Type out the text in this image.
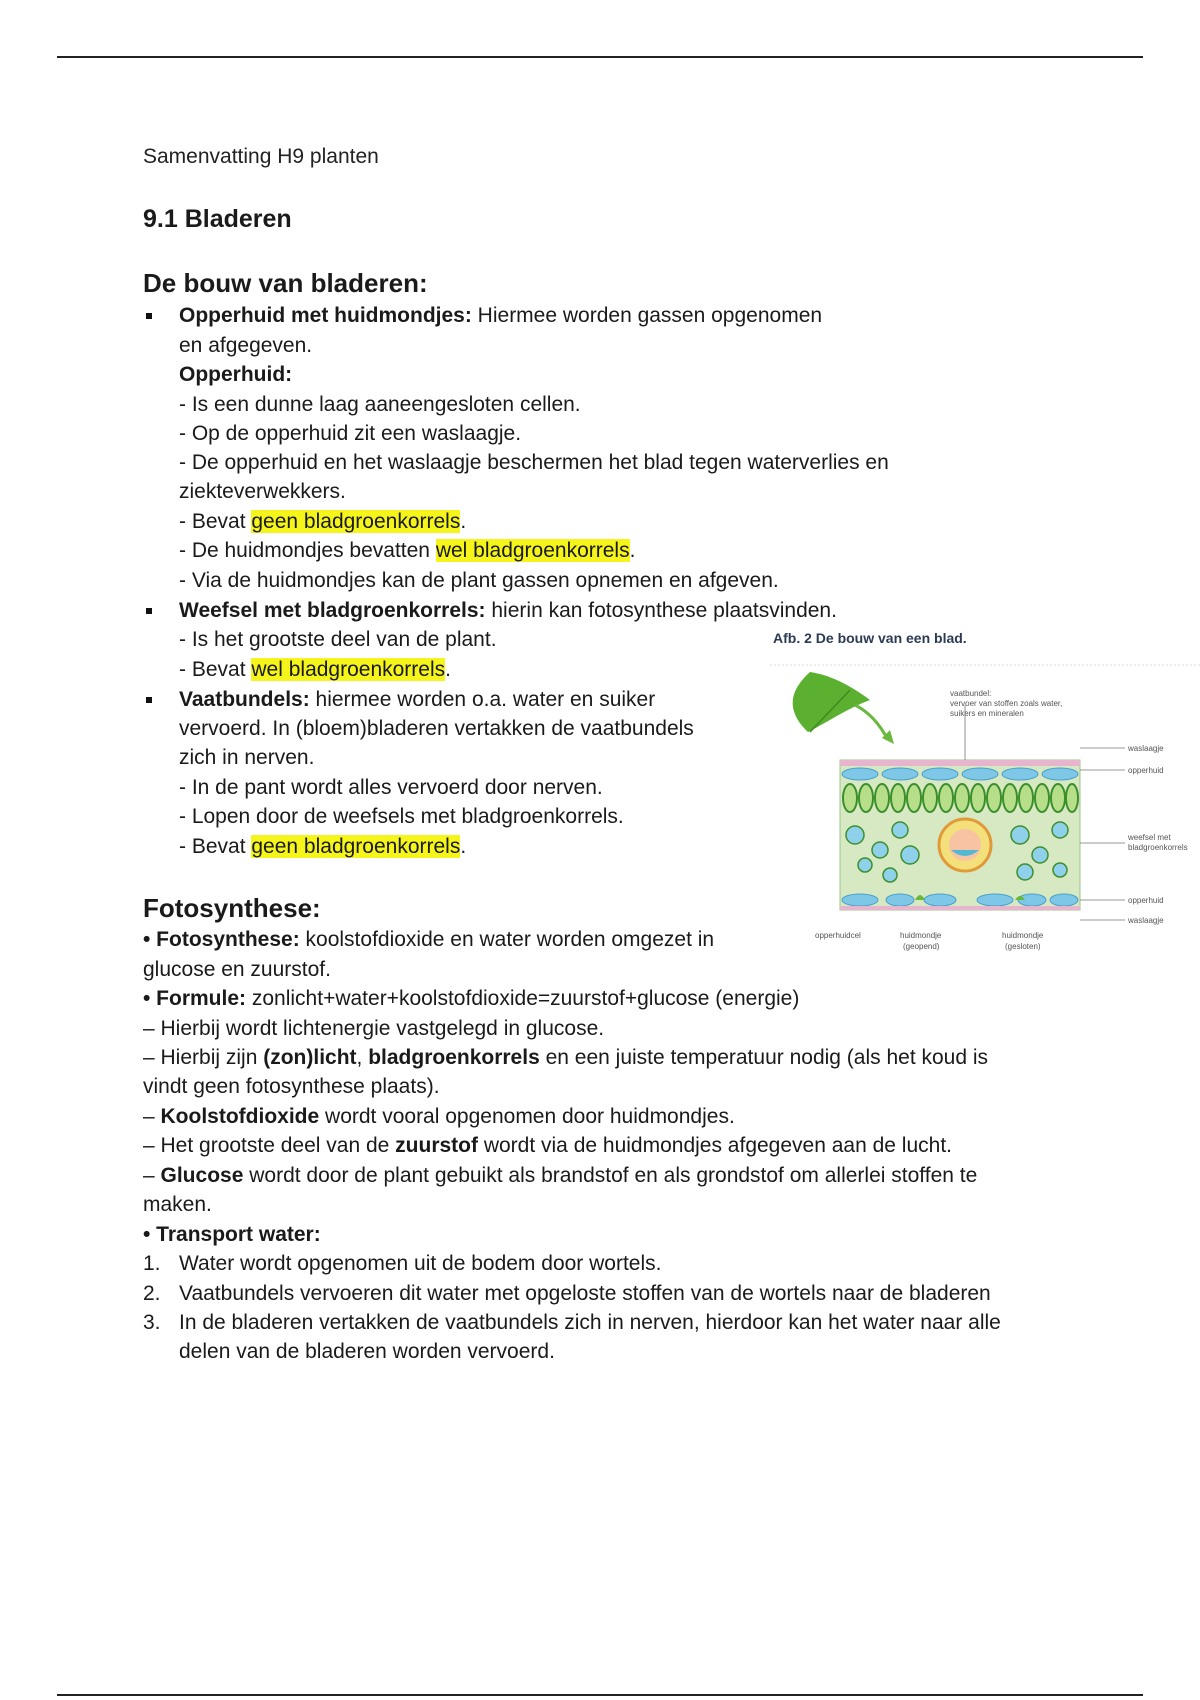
Samenvatting H9 planten
9.1 Bladeren
De bouw van bladeren:
Opperhuid met huidmondjes: Hiermee worden gassen opgenomen
en afgegeven.
Opperhuid:
- Is een dunne laag aaneengesloten cellen.
- Op de opperhuid zit een waslaagje.
- De opperhuid en het waslaagje beschermen het blad tegen waterverlies en
ziekteverwekkers.
- Bevat geen bladgroenkorrels.
- De huidmondjes bevatten wel bladgroenkorrels.
- Via de huidmondjes kan de plant gassen opnemen en afgeven.
Weefsel met bladgroenkorrels: hierin kan fotosynthese plaatsvinden.
- Is het grootste deel van de plant.
- Bevat wel bladgroenkorrels.
Vaatbundels: hiermee worden o.a. water en suiker
vervoerd. In (bloem)bladeren vertakken de vaatbundels
zich in nerven.
- In de pant wordt alles vervoerd door nerven.
- Lopen door de weefsels met bladgroenkorrels.
- Bevat geen bladgroenkorrels.
Fotosynthese:
• Fotosynthese: koolstofdioxide en water worden omgezet in
glucose en zuurstof.
• Formule: zonlicht+water+koolstofdioxide=zuurstof+glucose (energie)
– Hierbij wordt lichtenergie vastgelegd in glucose.
– Hierbij zijn (zon)licht, bladgroenkorrels en een juiste temperatuur nodig (als het koud is
vindt geen fotosynthese plaats).
– Koolstofdioxide wordt vooral opgenomen door huidmondjes.
– Het grootste deel van de zuurstof wordt via de huidmondjes afgegeven aan de lucht.
– Glucose wordt door de plant gebuikt als brandstof en als grondstof om allerlei stoffen te
maken.
• Transport water:
1. Water wordt opgenomen uit de bodem door wortels.
2. Vaatbundels vervoeren dit water met opgeloste stoffen van de wortels naar de bladeren
3. In de bladeren vertakken de vaatbundels zich in nerven, hierdoor kan het water naar alle
delen van de bladeren worden vervoerd.
Afb. 2 De bouw van een blad.
vaatbundel:
vervoer van stoffen zoals water,
suikers en mineralen
waslaagje
opperhuid
weefsel met
bladgroenkorrels
opperhuid
waslaagje
opperhuidcel	huidmondje
(geopend)
huidmondje
(gesloten)
